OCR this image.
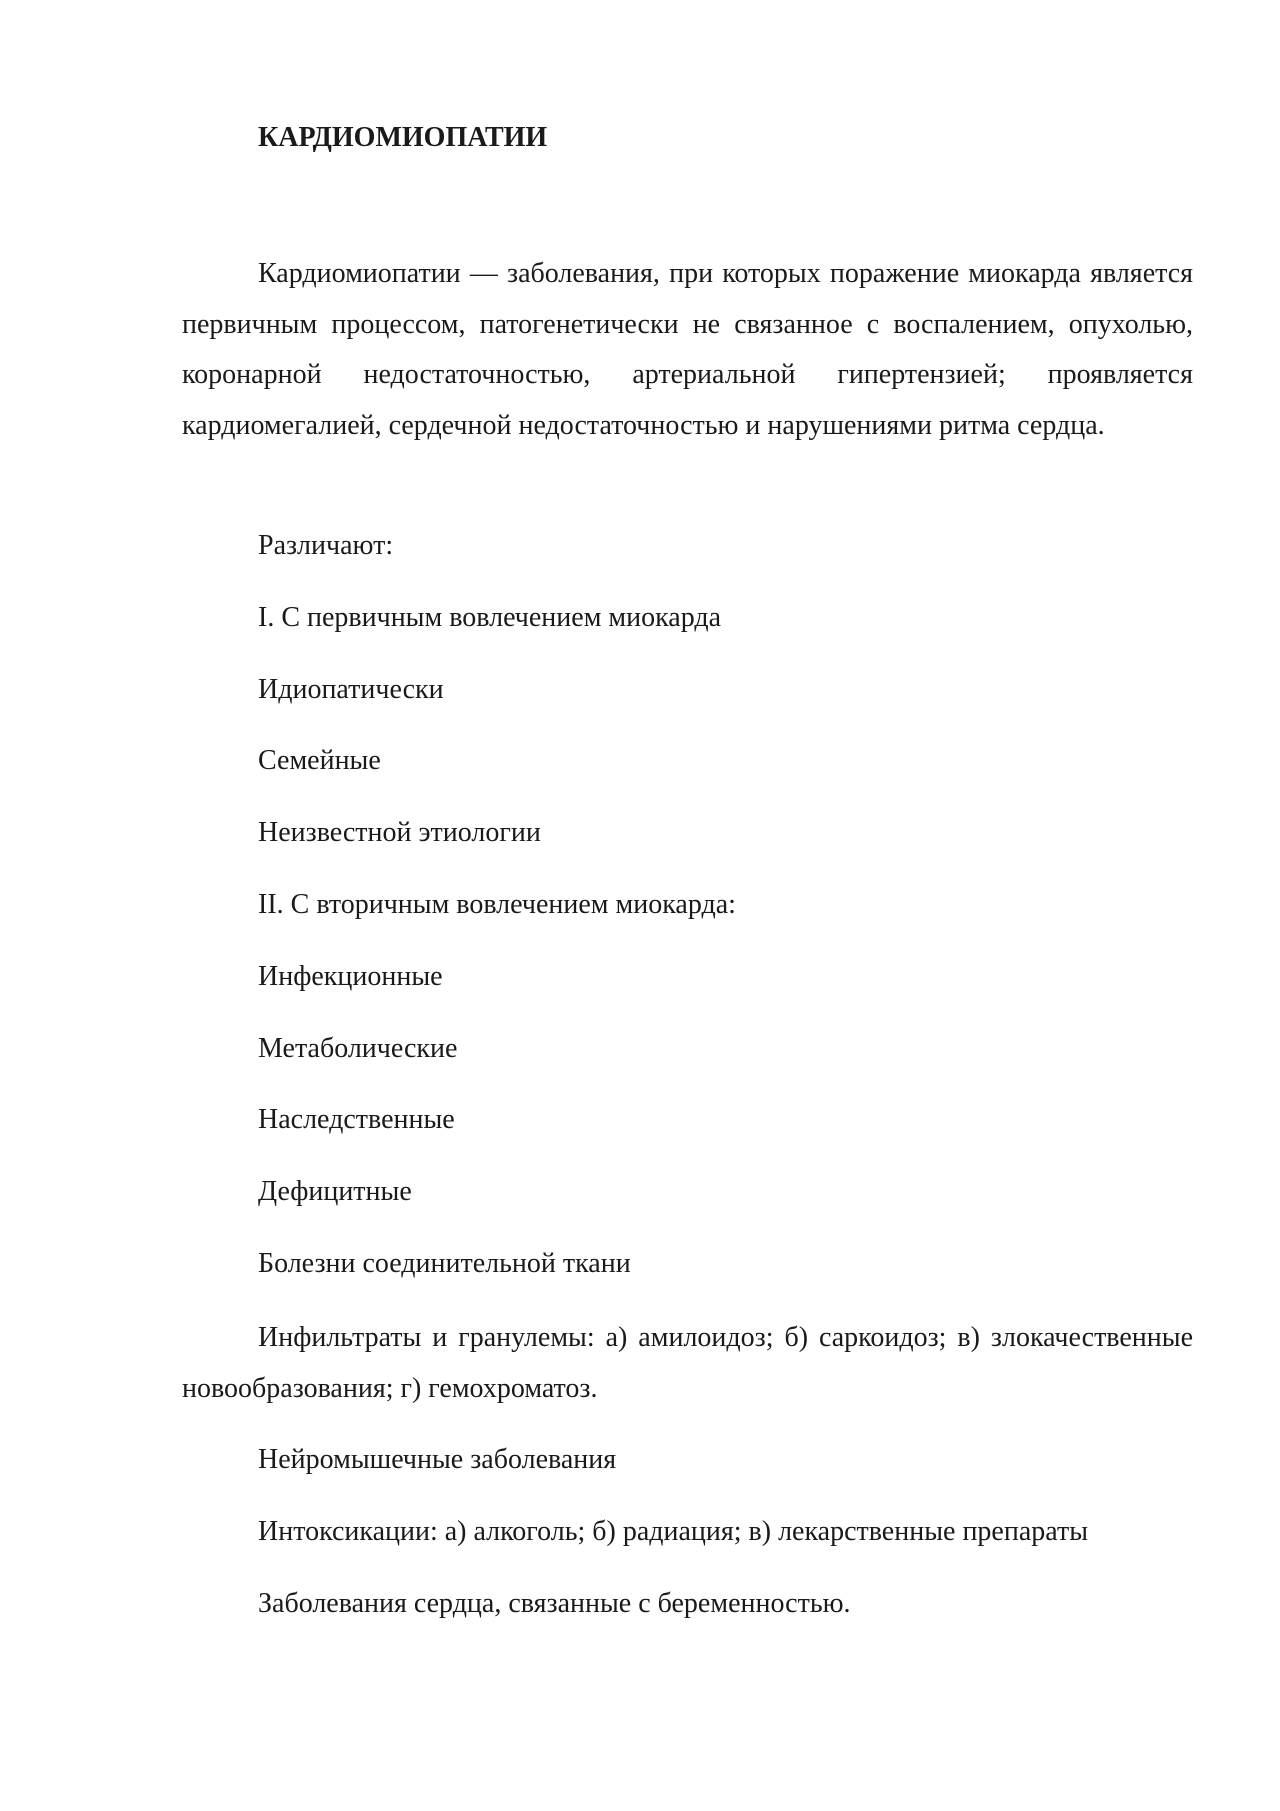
КАРДИОМИОПАТИИ

Кардиомиопатии — заболевания, при которых поражение миокарда является первичным процессом, патогенетически не связанное с воспалением, опухолью, коронарной недостаточностью, артериальной гипертензией; проявляется кардиомегалией, сердечной недостаточностью и нарушениями ритма сердца.

Различают:

I. С первичным вовлечением миокарда

Идиопатически

Семейные

Неизвестной этиологии

II. С вторичным вовлечением миокарда:

Инфекционные

Метаболические

Наследственные

Дефицитные

Болезни соединительной ткани

Инфильтраты и гранулемы: а) амилоидоз; б) саркоидоз; в) злокачественные новообразования; г) гемохроматоз.

Нейромышечные заболевания

Интоксикации: а) алкоголь; б) радиация; в) лекарственные препараты

Заболевания сердца, связанные с беременностью.
